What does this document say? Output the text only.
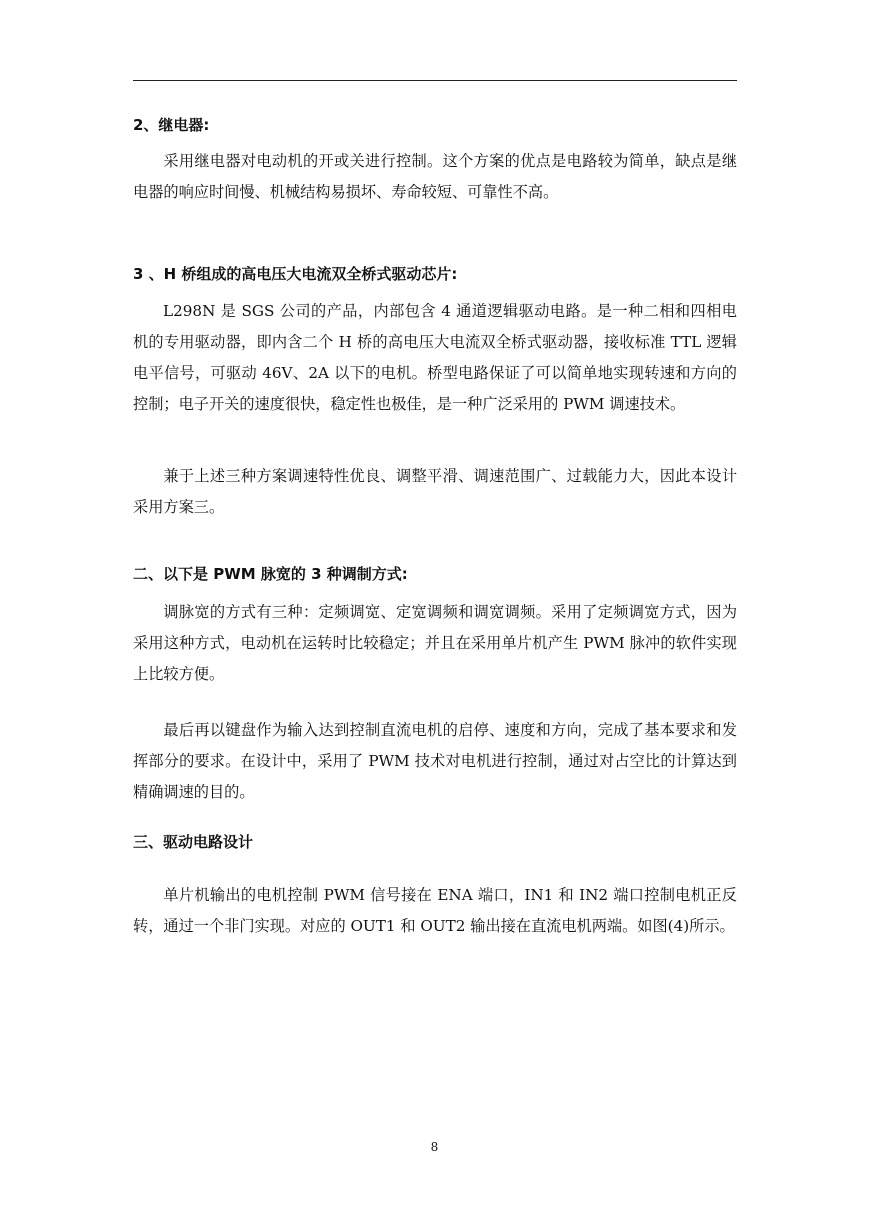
2、继电器:
采用继电器对电动机的开或关进行控制。这个方案的优点是电路较为简单，缺点是继电器的响应时间慢、机械结构易损坏、寿命较短、可靠性不高。
3 、H 桥组成的高电压大电流双全桥式驱动芯片:
L298N 是 SGS 公司的产品，内部包含 4 通道逻辑驱动电路。是一种二相和四相电机的专用驱动器，即内含二个 H 桥的高电压大电流双全桥式驱动器，接收标准 TTL 逻辑电平信号，可驱动 46V、2A 以下的电机。桥型电路保证了可以简单地实现转速和方向的控制；电子开关的速度很快，稳定性也极佳，是一种广泛采用的 PWM 调速技术。
兼于上述三种方案调速特性优良、调整平滑、调速范围广、过载能力大，因此本设计采用方案三。
二、以下是 PWM 脉宽的 3 种调制方式:
调脉宽的方式有三种：定频调宽、定宽调频和调宽调频。采用了定频调宽方式，因为采用这种方式，电动机在运转时比较稳定；并且在采用单片机产生 PWM 脉冲的软件实现上比较方便。
最后再以键盘作为输入达到控制直流电机的启停、速度和方向，完成了基本要求和发挥部分的要求。在设计中，采用了 PWM 技术对电机进行控制，通过对占空比的计算达到精确调速的目的。
三、驱动电路设计
单片机输出的电机控制 PWM 信号接在 ENA 端口，IN1 和 IN2 端口控制电机正反转，通过一个非门实现。对应的 OUT1 和 OUT2 输出接在直流电机两端。如图(4)所示。
8
